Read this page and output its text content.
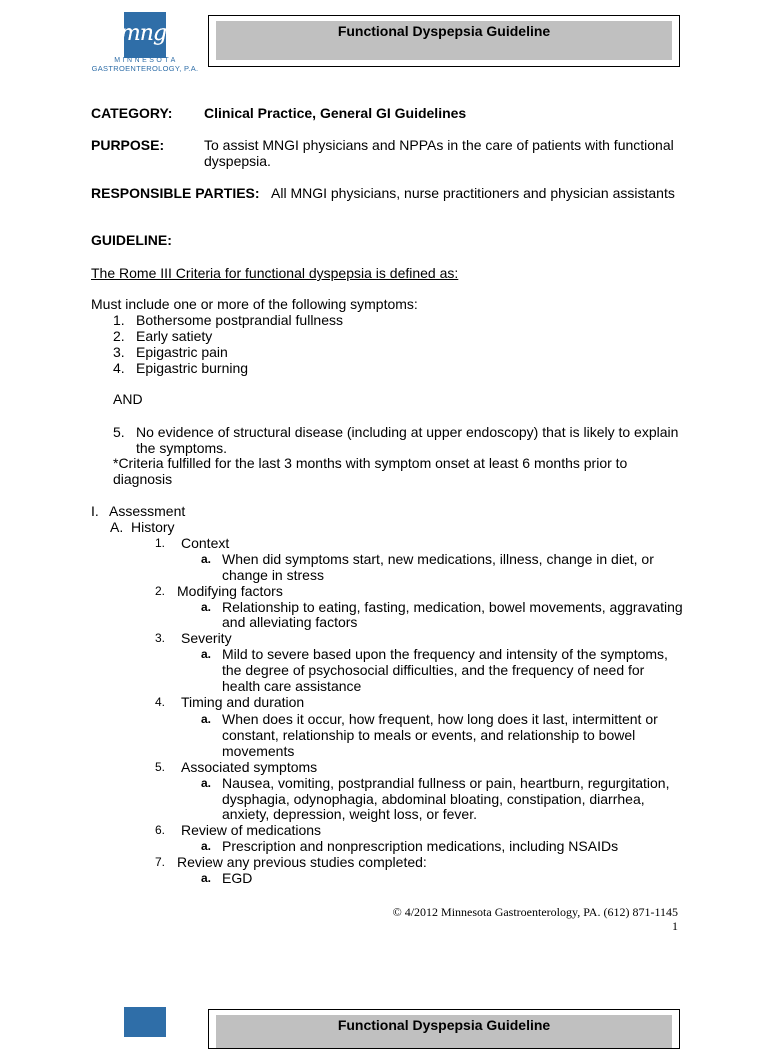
mngi
MINNESOTA
GASTROENTEROLOGY, P.A.
Functional Dyspepsia Guideline
CATEGORY: Clinical Practice, General GI Guidelines
PURPOSE:	To assist MNGI physicians and NPPAs in the care of patients with functional
dyspepsia.
RESPONSIBLE PARTIES: All MNGI physicians, nurse practitioners and physician assistants
GUIDELINE:
The Rome III Criteria for functional dyspepsia is defined as:
Must include one or more of the following symptoms:
1. Bothersome postprandial fullness
2. Early satiety
3. Epigastric pain
4. Epigastric burning
AND
5. No evidence of structural disease (including at upper endoscopy) that is likely to explain
the symptoms.
*Criteria fulfilled for the last 3 months with symptom onset at least 6 months prior to
diagnosis
I. Assessment
A. History
1. Context
a. When did symptoms start, new medications, illness, change in diet, or
change in stress
2. Modifying factors
a. Relationship to eating, fasting, medication, bowel movements, aggravating
and alleviating factors
3. Severity
a. Mild to severe based upon the frequency and intensity of the symptoms,
the degree of psychosocial difficulties, and the frequency of need for
health care assistance
4. Timing and duration
a. When does it occur, how frequent, how long does it last, intermittent or
constant, relationship to meals or events, and relationship to bowel
movements
5. Associated symptoms
a. Nausea, vomiting, postprandial fullness or pain, heartburn, regurgitation,
dysphagia, odynophagia, abdominal bloating, constipation, diarrhea,
anxiety, depression, weight loss, or fever.
6. Review of medications
a. Prescription and nonprescription medications, including NSAIDs
7. Review any previous studies completed:
a. EGD
© 4/2012 Minnesota Gastroenterology, PA. (612) 871-1145
1
Functional Dyspepsia Guideline
